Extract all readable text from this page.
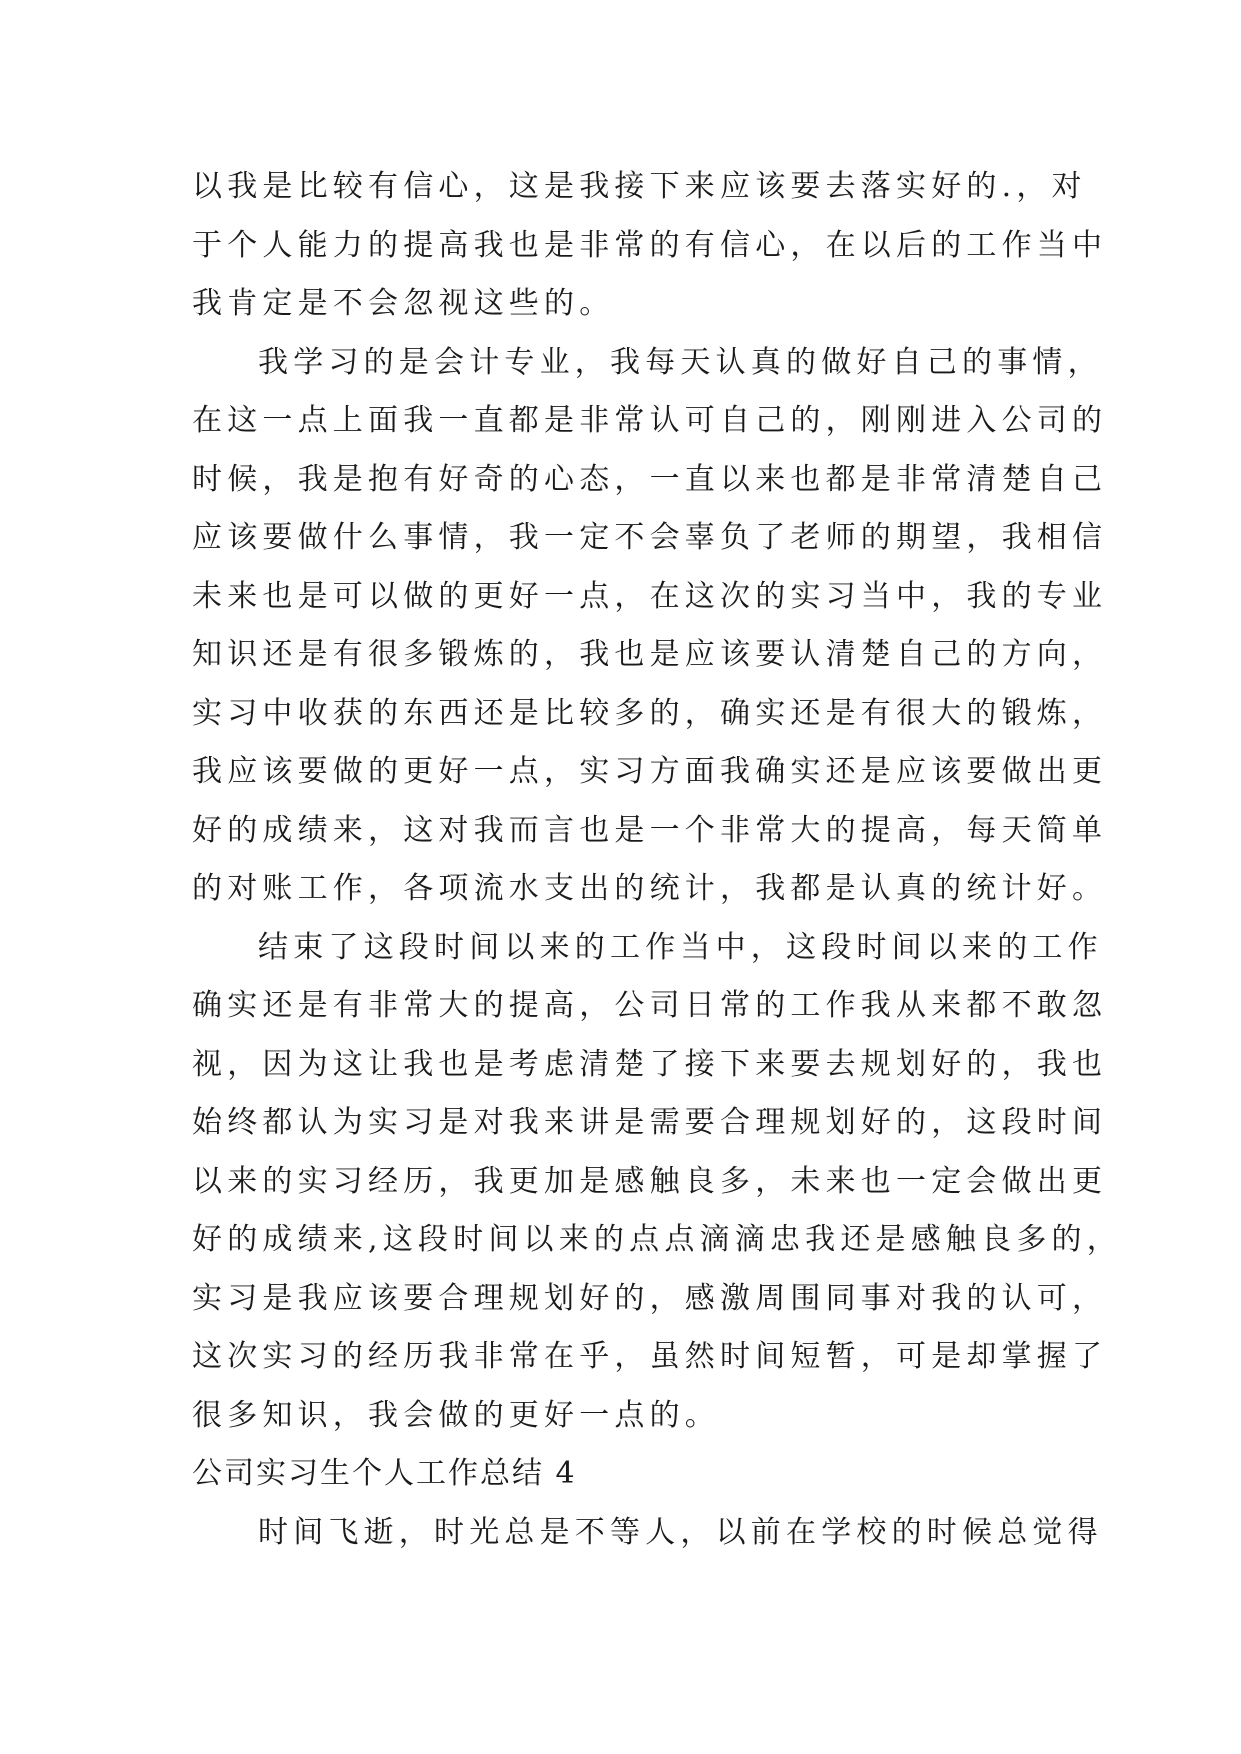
以我是比较有信心，这是我接下来应该要去落实好的.，对
于个人能力的提高我也是非常的有信心，在以后的工作当中
我肯定是不会忽视这些的。
我学习的是会计专业，我每天认真的做好自己的事情，
在这一点上面我一直都是非常认可自己的，刚刚进入公司的
时候，我是抱有好奇的心态，一直以来也都是非常清楚自己
应该要做什么事情，我一定不会辜负了老师的期望，我相信
未来也是可以做的更好一点，在这次的实习当中，我的专业
知识还是有很多锻炼的，我也是应该要认清楚自己的方向，
实习中收获的东西还是比较多的，确实还是有很大的锻炼，
我应该要做的更好一点，实习方面我确实还是应该要做出更
好的成绩来，这对我而言也是一个非常大的提高，每天简单
的对账工作，各项流水支出的统计，我都是认真的统计好。
结束了这段时间以来的工作当中，这段时间以来的工作
确实还是有非常大的提高，公司日常的工作我从来都不敢忽
视，因为这让我也是考虑清楚了接下来要去规划好的，我也
始终都认为实习是对我来讲是需要合理规划好的，这段时间
以来的实习经历，我更加是感触良多，未来也一定会做出更
好的成绩来,这段时间以来的点点滴滴忠我还是感触良多的，
实习是我应该要合理规划好的，感激周围同事对我的认可，
这次实习的经历我非常在乎，虽然时间短暂，可是却掌握了
很多知识，我会做的更好一点的。
公司实习生个人工作总结 4
时间飞逝，时光总是不等人，以前在学校的时候总觉得
